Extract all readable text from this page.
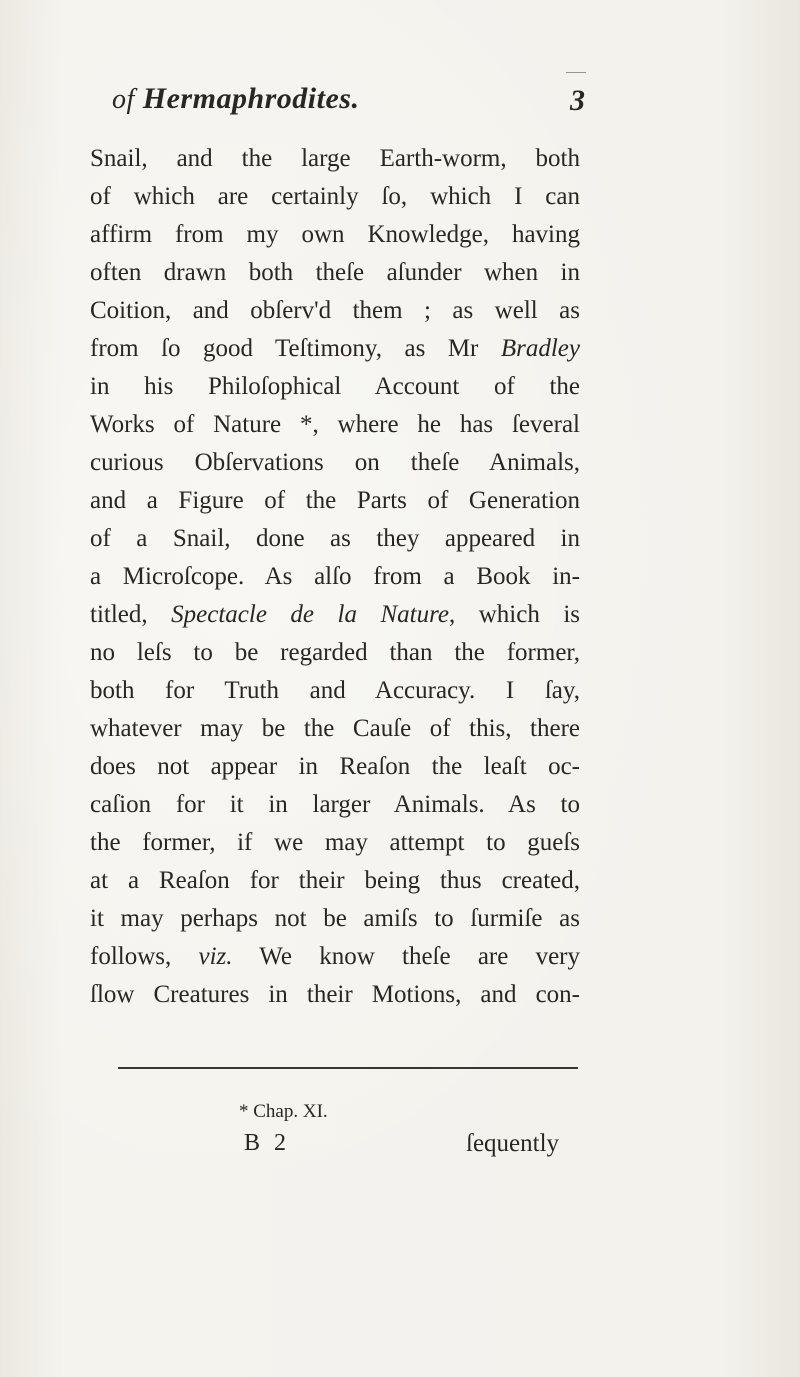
of Hermaphrodites.	3
Snail, and the large Earth-worm, both
of which are certainly ſo, which I can
affirm from my own Knowledge, having
often drawn both theſe aſunder when in
Coition, and obſerv'd them ; as well as
from ſo good Teſtimony, as Mr Bradley
in his Philoſophical Account of the
Works of Nature *, where he has ſeveral
curious Obſervations on theſe Animals,
and a Figure of the Parts of Generation
of a Snail, done as they appeared in
a Microſcope. As alſo from a Book in-
titled, Spectacle de la Nature, which is
no leſs to be regarded than the former,
both for Truth and Accuracy. I ſay,
whatever may be the Cauſe of this, there
does not appear in Reaſon the leaſt oc-
caſion for it in larger Animals. As to
the former, if we may attempt to gueſs
at a Reaſon for their being thus created,
it may perhaps not be amiſs to ſurmiſe as
follows, viz. We know theſe are very
ſlow Creatures in their Motions, and con-
* Chap. XI.
B 2	ſequently
